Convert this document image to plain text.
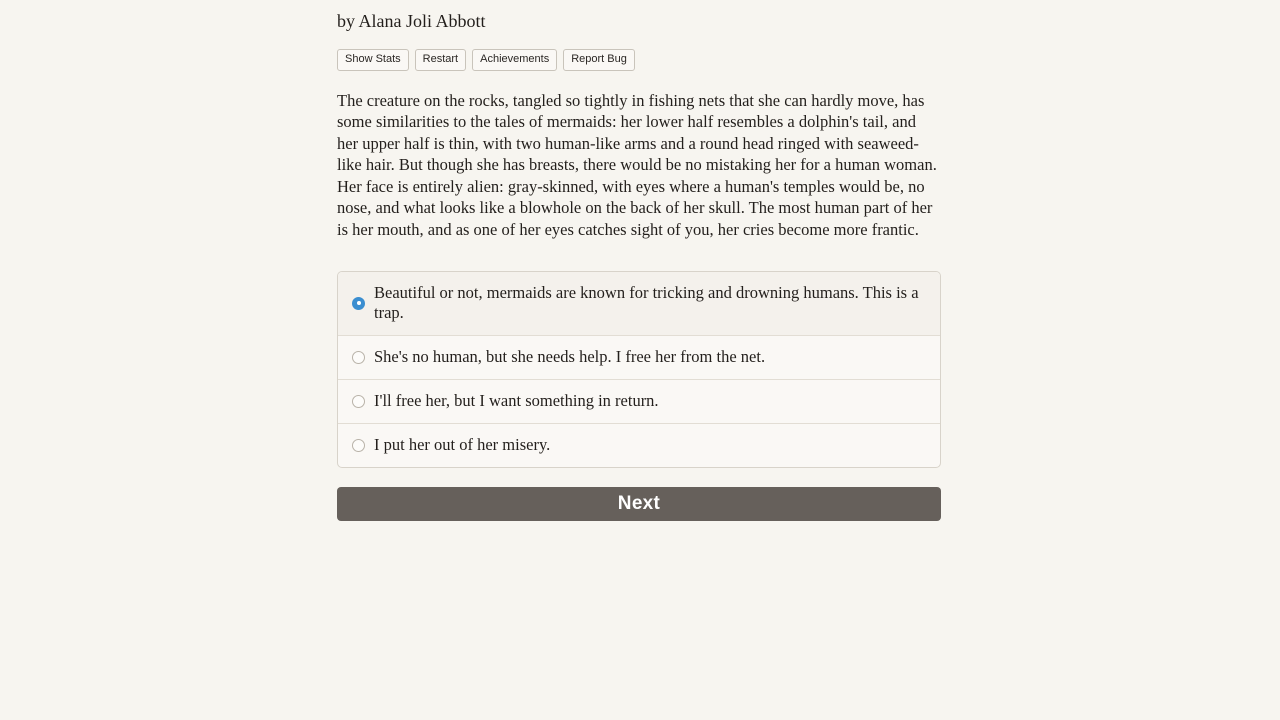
by Alana Joli Abbott
Show Stats	Restart	Achievements	Report Bug
The creature on the rocks, tangled so tightly in fishing nets that she can hardly move, has some similarities to the tales of mermaids: her lower half resembles a dolphin's tail, and her upper half is thin, with two human-like arms and a round head ringed with seaweed-like hair. But though she has breasts, there would be no mistaking her for a human woman. Her face is entirely alien: gray-skinned, with eyes where a human's temples would be, no nose, and what looks like a blowhole on the back of her skull. The most human part of her is her mouth, and as one of her eyes catches sight of you, her cries become more frantic.
Beautiful or not, mermaids are known for tricking and drowning humans. This is a trap.
She's no human, but she needs help. I free her from the net.
I'll free her, but I want something in return.
I put her out of her misery.
Next
